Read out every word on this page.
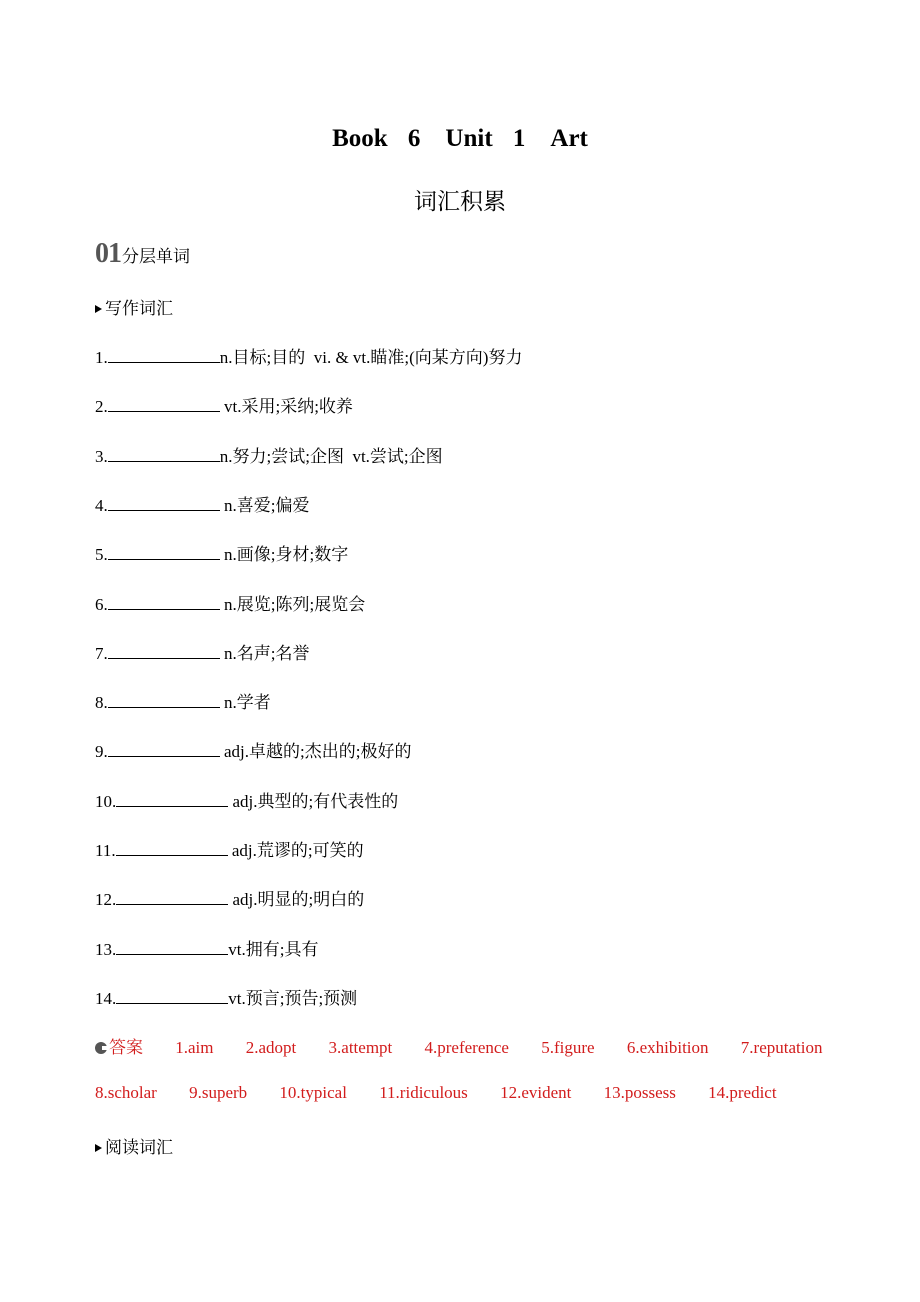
Book 6　Unit 1　Art
词汇积累
01 分层单词
写作词汇
1.	n.目标;目的  vi. & vt.瞄准;(向某方向)努力
2.	vt.采用;采纳;收养
3.	n.努力;尝试;企图  vt.尝试;企图
4.	n.喜爱;偏爱
5.	n.画像;身材;数字
6.	n.展览;陈列;展览会
7.	n.名声;名誉
8.	n.学者
9.	adj.卓越的;杰出的;极好的
10.	adj.典型的;有代表性的
11.	adj.荒谬的;可笑的
12.	adj.明显的;明白的
13.	vt.拥有;具有
14.	vt.预言;预告;预测
答案 1.aim 2.adopt 3.attempt 4.preference 5.figure 6.exhibition 7.reputation
8.scholar 9.superb 10.typical 11.ridiculous 12.evident 13.possess 14.predict
阅读词汇
